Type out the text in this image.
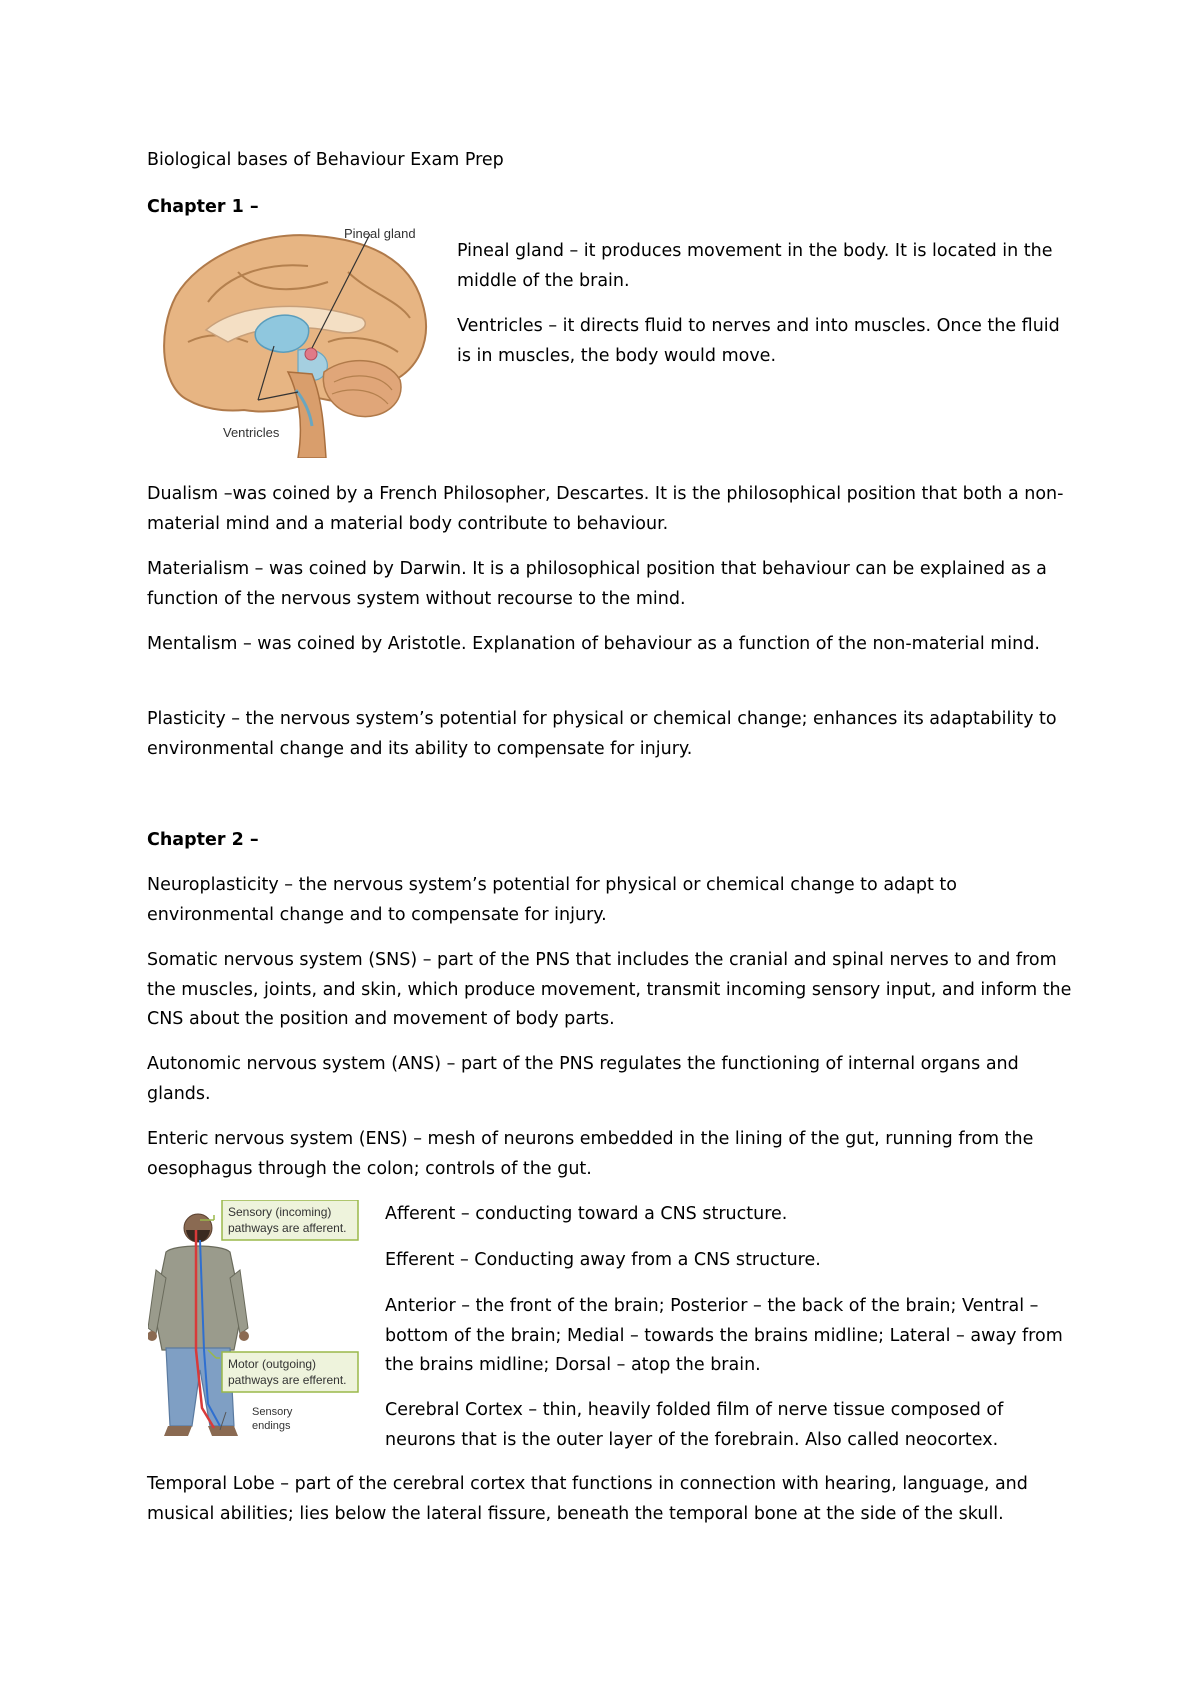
Biological bases of Behaviour Exam Prep

Chapter 1 –

Pineal gland
Ventricles

Pineal gland – it produces movement in the body. It is located in the middle of the brain.

Ventricles – it directs fluid to nerves and into muscles. Once the fluid is in muscles, the body would move.

Dualism –was coined by a French Philosopher, Descartes. It is the philosophical position that both a non-material mind and a material body contribute to behaviour.

Materialism – was coined by Darwin. It is a philosophical position that behaviour can be explained as a function of the nervous system without recourse to the mind.

Mentalism – was coined by Aristotle. Explanation of behaviour as a function of the non-material mind.

Plasticity – the nervous system’s potential for physical or chemical change; enhances its adaptability to environmental change and its ability to compensate for injury.

Chapter 2 –

Neuroplasticity – the nervous system’s potential for physical or chemical change to adapt to environmental change and to compensate for injury.

Somatic nervous system (SNS) – part of the PNS that includes the cranial and spinal nerves to and from the muscles, joints, and skin, which produce movement, transmit incoming sensory input, and inform the CNS about the position and movement of body parts.

Autonomic nervous system (ANS) – part of the PNS regulates the functioning of internal organs and glands.

Enteric nervous system (ENS) – mesh of neurons embedded in the lining of the gut, running from the oesophagus through the colon; controls of the gut.

Sensory (incoming)
pathways are afferent.
Motor (outgoing)
pathways are efferent.
Sensory
endings

Afferent – conducting toward a CNS structure.

Efferent – Conducting away from a CNS structure.

Anterior – the front of the brain; Posterior – the back of the brain; Ventral – bottom of the brain; Medial – towards the brains midline; Lateral – away from the brains midline; Dorsal – atop the brain.

Cerebral Cortex – thin, heavily folded film of nerve tissue composed of neurons that is the outer layer of the forebrain. Also called neocortex.

Temporal Lobe – part of the cerebral cortex that functions in connection with hearing, language, and musical abilities; lies below the lateral fissure, beneath the temporal bone at the side of the skull.
